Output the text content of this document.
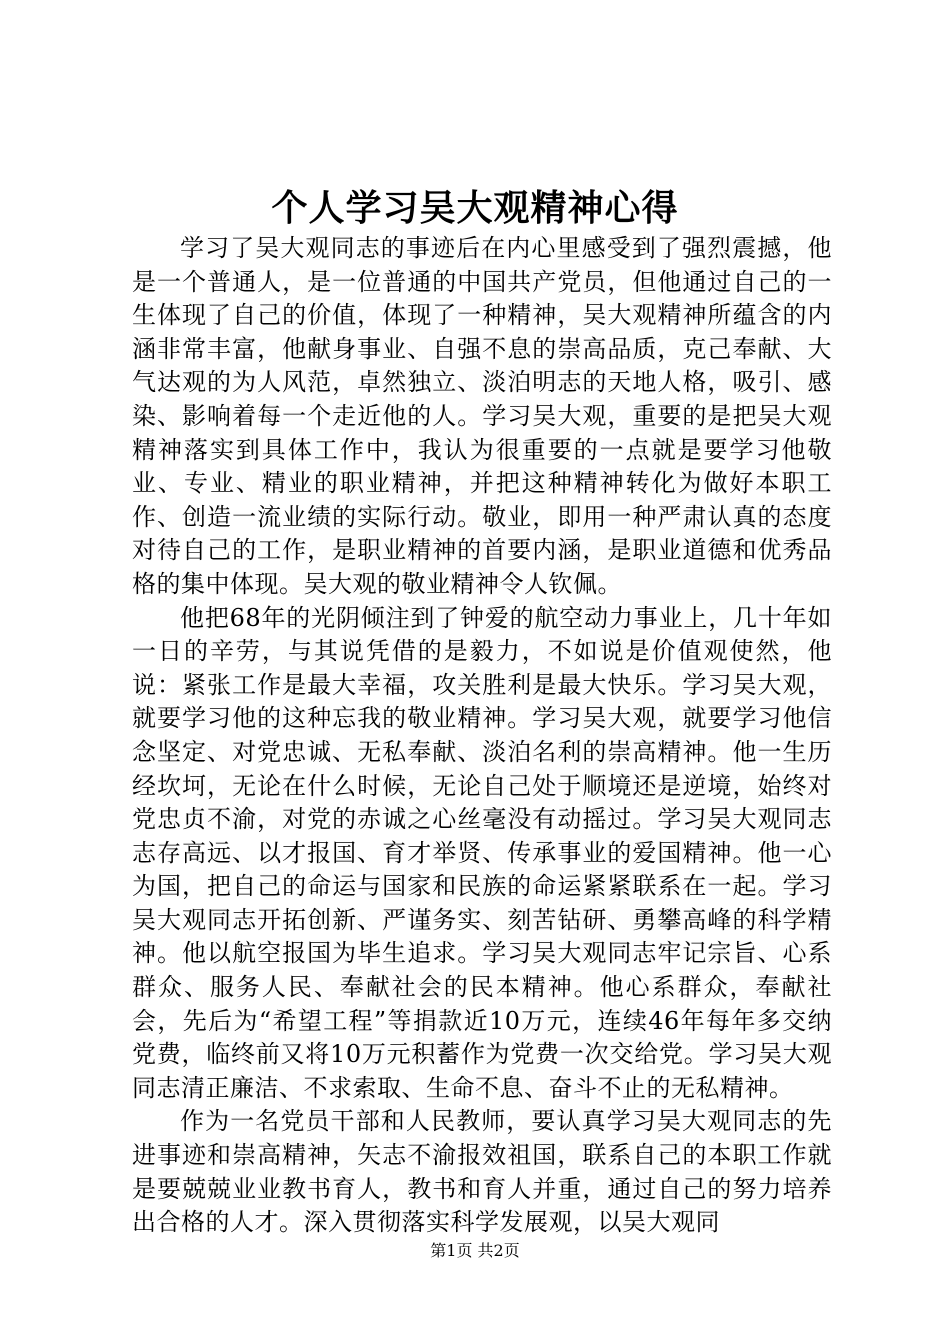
个人学习吴大观精神心得

学习了吴大观同志的事迹后在内心里感受到了强烈震撼，他是一个普通人，是一位普通的中国共产党员，但他通过自己的一生体现了自己的价值，体现了一种精神，吴大观精神所蕴含的内涵非常丰富，他献身事业、自强不息的崇高品质，克己奉献、大气达观的为人风范，卓然独立、淡泊明志的天地人格，吸引、感染、影响着每一个走近他的人。学习吴大观，重要的是把吴大观精神落实到具体工作中，我认为很重要的一点就是要学习他敬业、专业、精业的职业精神，并把这种精神转化为做好本职工作、创造一流业绩的实际行动。敬业，即用一种严肃认真的态度对待自己的工作，是职业精神的首要内涵，是职业道德和优秀品格的集中体现。吴大观的敬业精神令人钦佩。

他把68年的光阴倾注到了钟爱的航空动力事业上，几十年如一日的辛劳，与其说凭借的是毅力，不如说是价值观使然，他说：紧张工作是最大幸福，攻关胜利是最大快乐。学习吴大观，就要学习他的这种忘我的敬业精神。学习吴大观，就要学习他信念坚定、对党忠诚、无私奉献、淡泊名利的崇高精神。他一生历经坎坷，无论在什么时候，无论自己处于顺境还是逆境，始终对党忠贞不渝，对党的赤诚之心丝毫没有动摇过。学习吴大观同志志存高远、以才报国、育才举贤、传承事业的爱国精神。他一心为国，把自己的命运与国家和民族的命运紧紧联系在一起。学习吴大观同志开拓创新、严谨务实、刻苦钻研、勇攀高峰的科学精神。他以航空报国为毕生追求。学习吴大观同志牢记宗旨、心系群众、服务人民、奉献社会的民本精神。他心系群众，奉献社会，先后为“希望工程”等捐款近10万元，连续46年每年多交纳党费，临终前又将10万元积蓄作为党费一次交给党。学习吴大观同志清正廉洁、不求索取、生命不息、奋斗不止的无私精神。

作为一名党员干部和人民教师，要认真学习吴大观同志的先进事迹和崇高精神，矢志不渝报效祖国，联系自己的本职工作就是要兢兢业业教书育人，教书和育人并重，通过自己的努力培养出合格的人才。深入贯彻落实科学发展观，以吴大观同

第1页 共2页
